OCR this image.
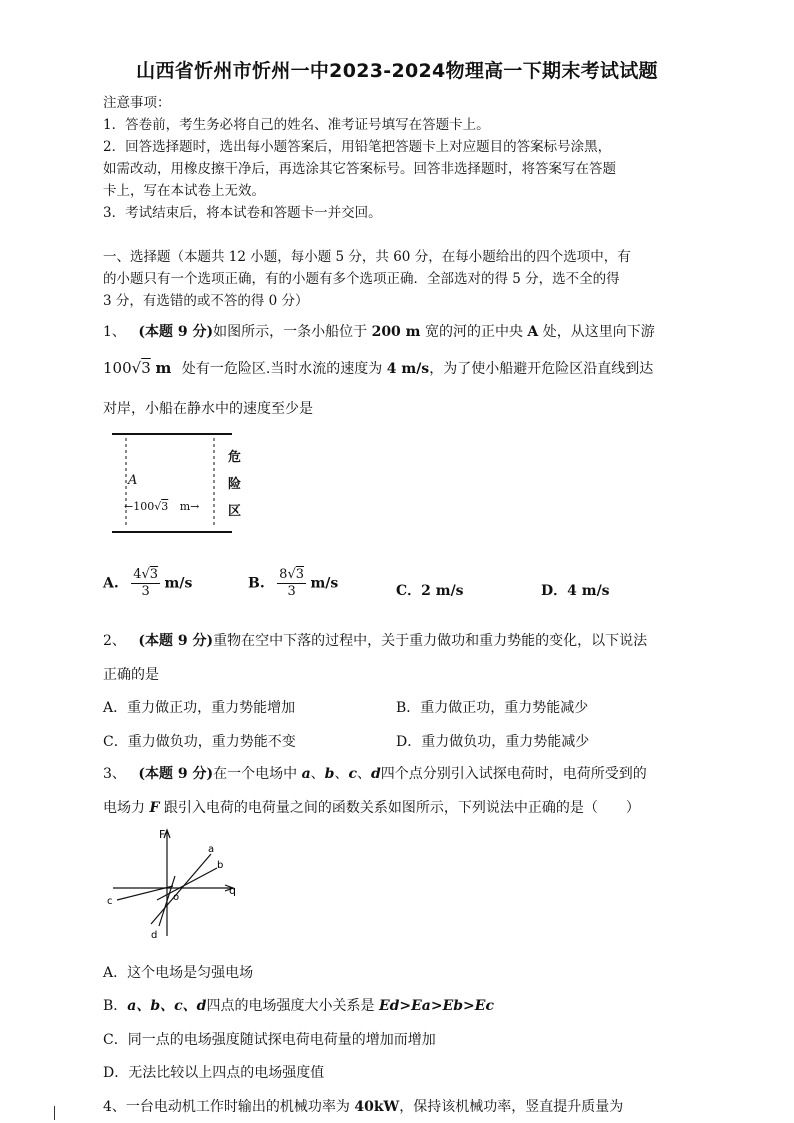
山西省忻州市忻州一中2023-2024物理高一下期末考试试题
注意事项：
1．答卷前，考生务必将自己的姓名、准考证号填写在答题卡上。
2．回答选择题时，选出每小题答案后，用铅笔把答题卡上对应题目的答案标号涂黑，
如需改动，用橡皮擦干净后，再选涂其它答案标号。回答非选择题时，将答案写在答题
卡上，写在本试卷上无效。
3．考试结束后，将本试卷和答题卡一并交回。
一、选择题（本题共 12 小题，每小题 5 分，共 60 分，在每小题给出的四个选项中，有
的小题只有一个选项正确，有的小题有多个选项正确．全部选对的得 5 分，选不全的得
3 分，有选错的或不答的得 0 分）
1、 (本题 9 分)如图所示，一条小船位于 200 m 宽的河的正中央 A 处，从这里向下游
100√3 m 处有一危险区.当时水流的速度为 4 m/s，为了使小船避开危险区沿直线到达
对岸，小船在静水中的速度至少是
A
←100√3 m→
危
险
区
A. $\frac{4√3}{3} m/s$	B. $\frac{8√3}{3} m/s$	C．2 m/s	D．4 m/s
2、 (本题 9 分)重物在空中下落的过程中，关于重力做功和重力势能的变化，以下说法
正确的是
A．重力做正功，重力势能增加	B．重力做正功，重力势能减少
C．重力做负功，重力势能不变	D．重力做负功，重力势能减少
3、 (本题 9 分)在一个电场中 a、b、c、d四个点分别引入试探电荷时，电荷所受到的
电场力 F 跟引入电荷的电荷量之间的函数关系如图所示，下列说法中正确的是（　　）
F
q
o
a
b
c
d
A．这个电场是匀强电场
B．a、b、c、d四点的电场强度大小关系是 Ed>Ea>Eb>Ec
C．同一点的电场强度随试探电荷电荷量的增加而增加
D．无法比较以上四点的电场强度值
4、一台电动机工作时输出的机械功率为 40kW，保持该机械功率，竖直提升质量为
